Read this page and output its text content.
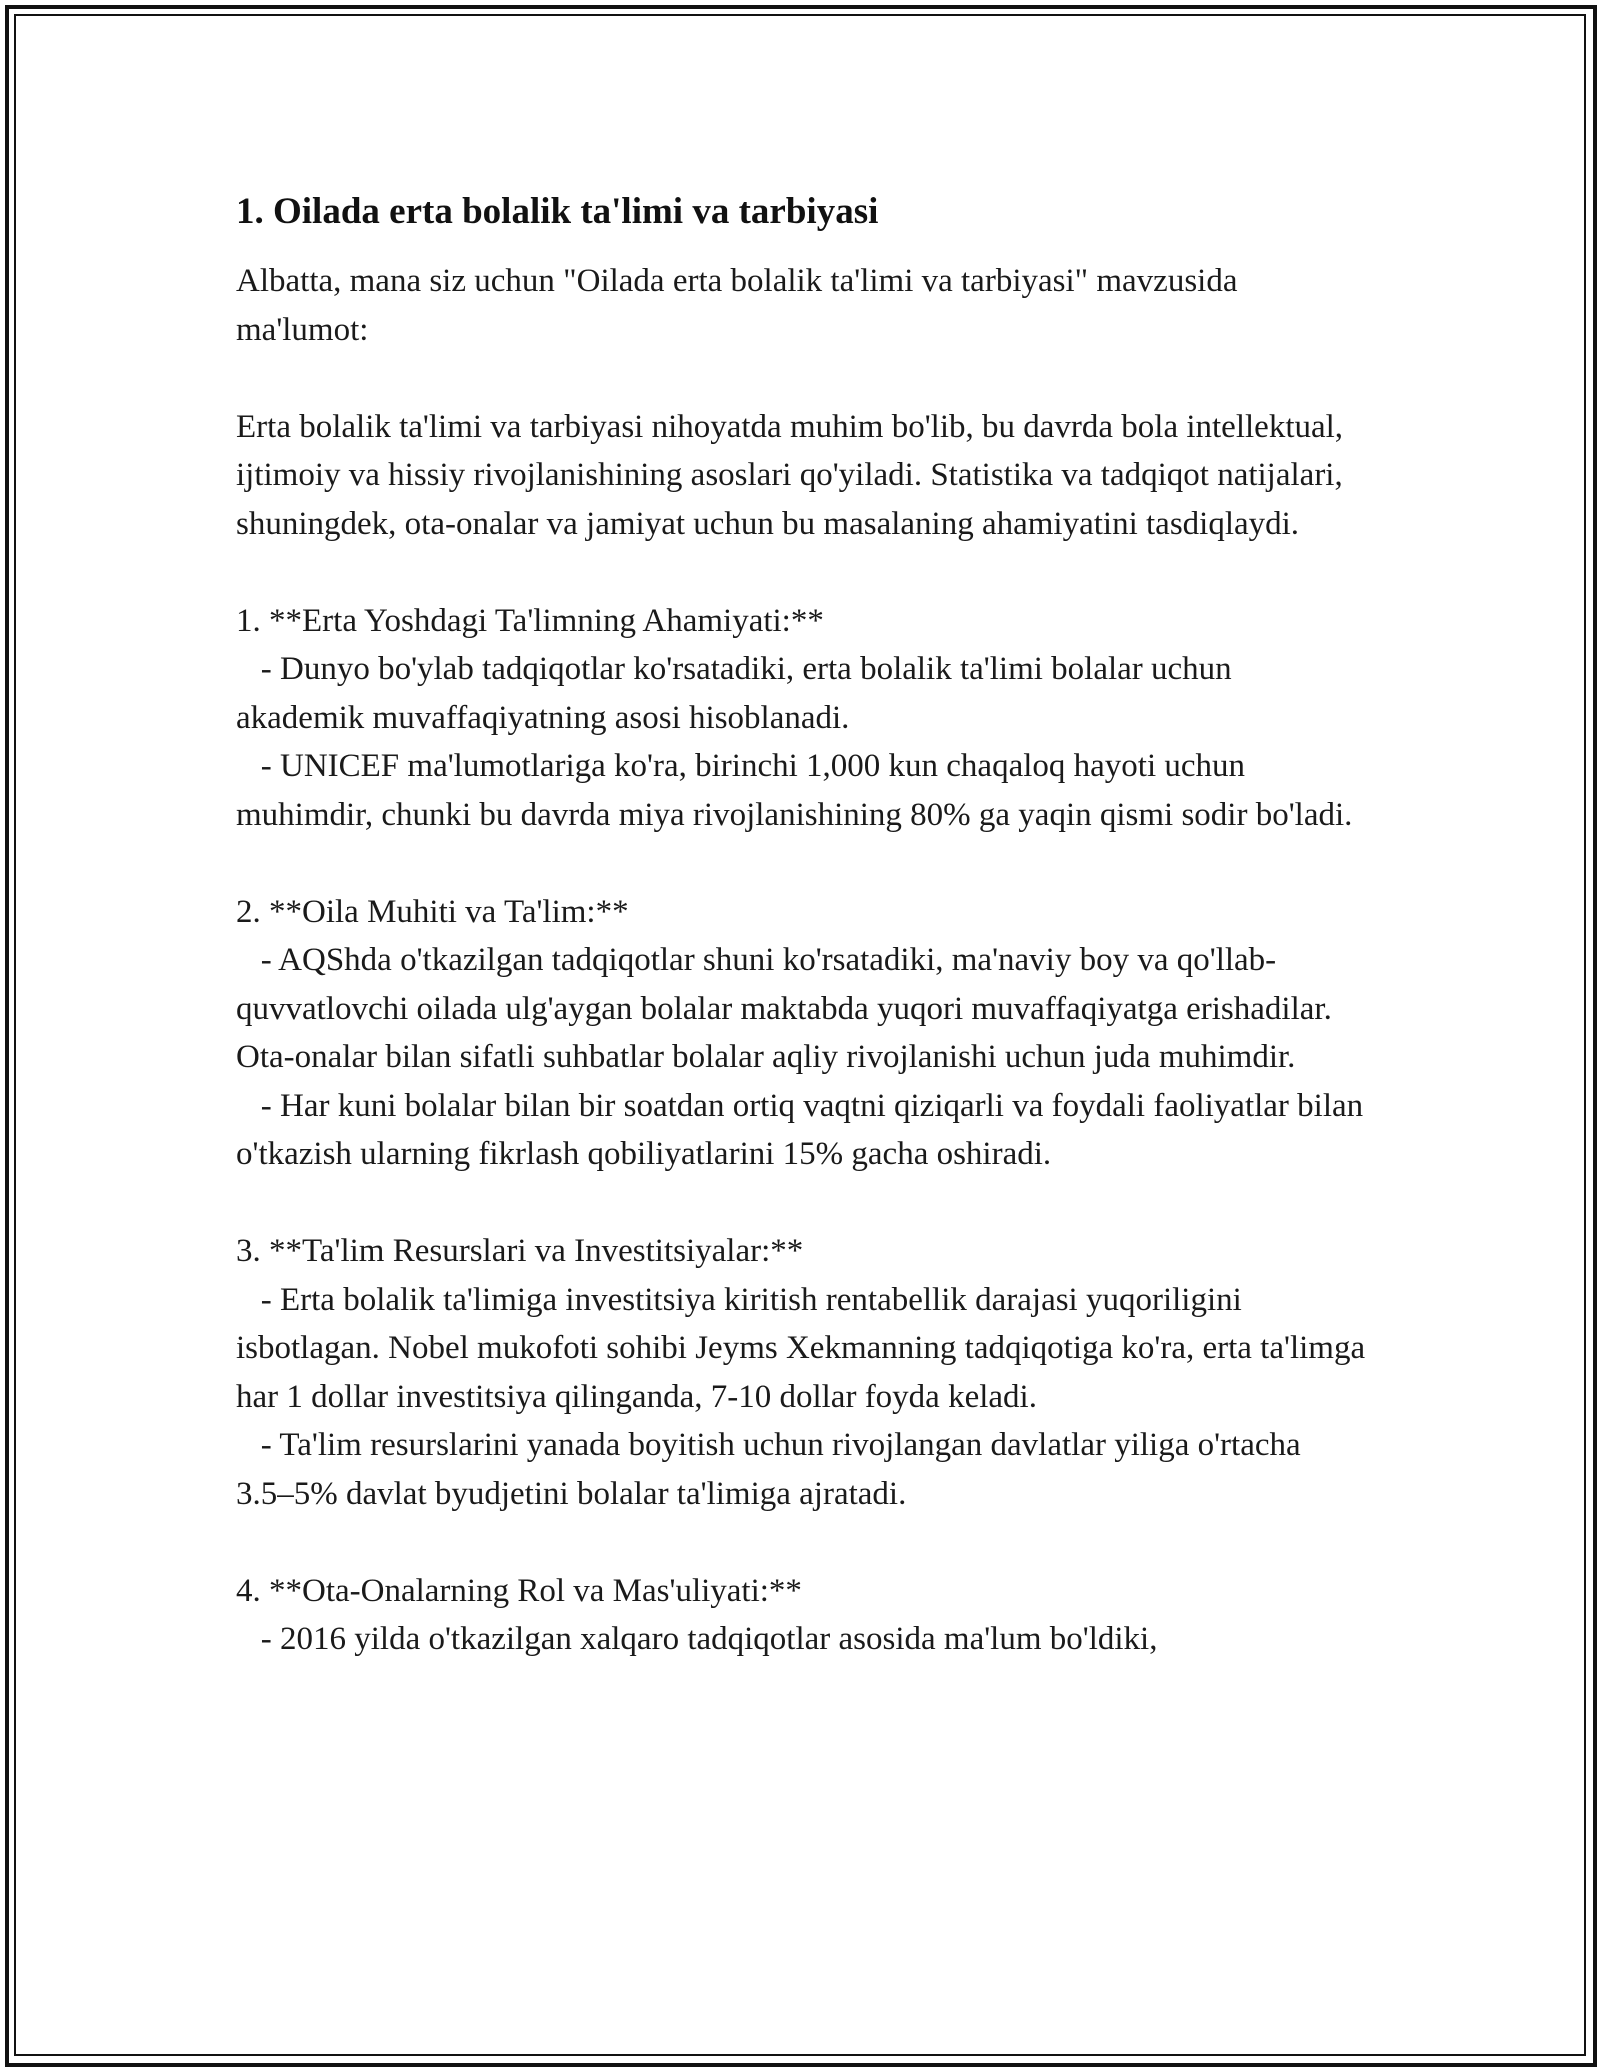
1. Oilada erta bolalik ta'limi va tarbiyasi

Albatta, mana siz uchun "Oilada erta bolalik ta'limi va tarbiyasi" mavzusida ma'lumot:

Erta bolalik ta'limi va tarbiyasi nihoyatda muhim bo'lib, bu davrda bola intellektual, ijtimoiy va hissiy rivojlanishining asoslari qo'yiladi. Statistika va tadqiqot natijalari, shuningdek, ota-onalar va jamiyat uchun bu masalaning ahamiyatini tasdiqlaydi.

1. **Erta Yoshdagi Ta'limning Ahamiyati:**

- Dunyo bo'ylab tadqiqotlar ko'rsatadiki, erta bolalik ta'limi bolalar uchun akademik muvaffaqiyatning asosi hisoblanadi.

- UNICEF ma'lumotlariga ko'ra, birinchi 1,000 kun chaqaloq hayoti uchun muhimdir, chunki bu davrda miya rivojlanishining 80% ga yaqin qismi sodir bo'ladi.

2. **Oila Muhiti va Ta'lim:**

- AQShda o'tkazilgan tadqiqotlar shuni ko'rsatadiki, ma'naviy boy va qo'llab-quvvatlovchi oilada ulg'aygan bolalar maktabda yuqori muvaffaqiyatga erishadilar. Ota-onalar bilan sifatli suhbatlar bolalar aqliy rivojlanishi uchun juda muhimdir.

- Har kuni bolalar bilan bir soatdan ortiq vaqtni qiziqarli va foydali faoliyatlar bilan o'tkazish ularning fikrlash qobiliyatlarini 15% gacha oshiradi.

3. **Ta'lim Resurslari va Investitsiyalar:**

- Erta bolalik ta'limiga investitsiya kiritish rentabellik darajasi yuqoriligini isbotlagan. Nobel mukofoti sohibi Jeyms Xekmanning tadqiqotiga ko'ra, erta ta'limga har 1 dollar investitsiya qilinganda, 7-10 dollar foyda keladi.

- Ta'lim resurslarini yanada boyitish uchun rivojlangan davlatlar yiliga o'rtacha 3.5–5% davlat byudjetini bolalar ta'limiga ajratadi.

4. **Ota-Onalarning Rol va Mas'uliyati:**

- 2016 yilda o'tkazilgan xalqaro tadqiqotlar asosida ma'lum bo'ldiki,
